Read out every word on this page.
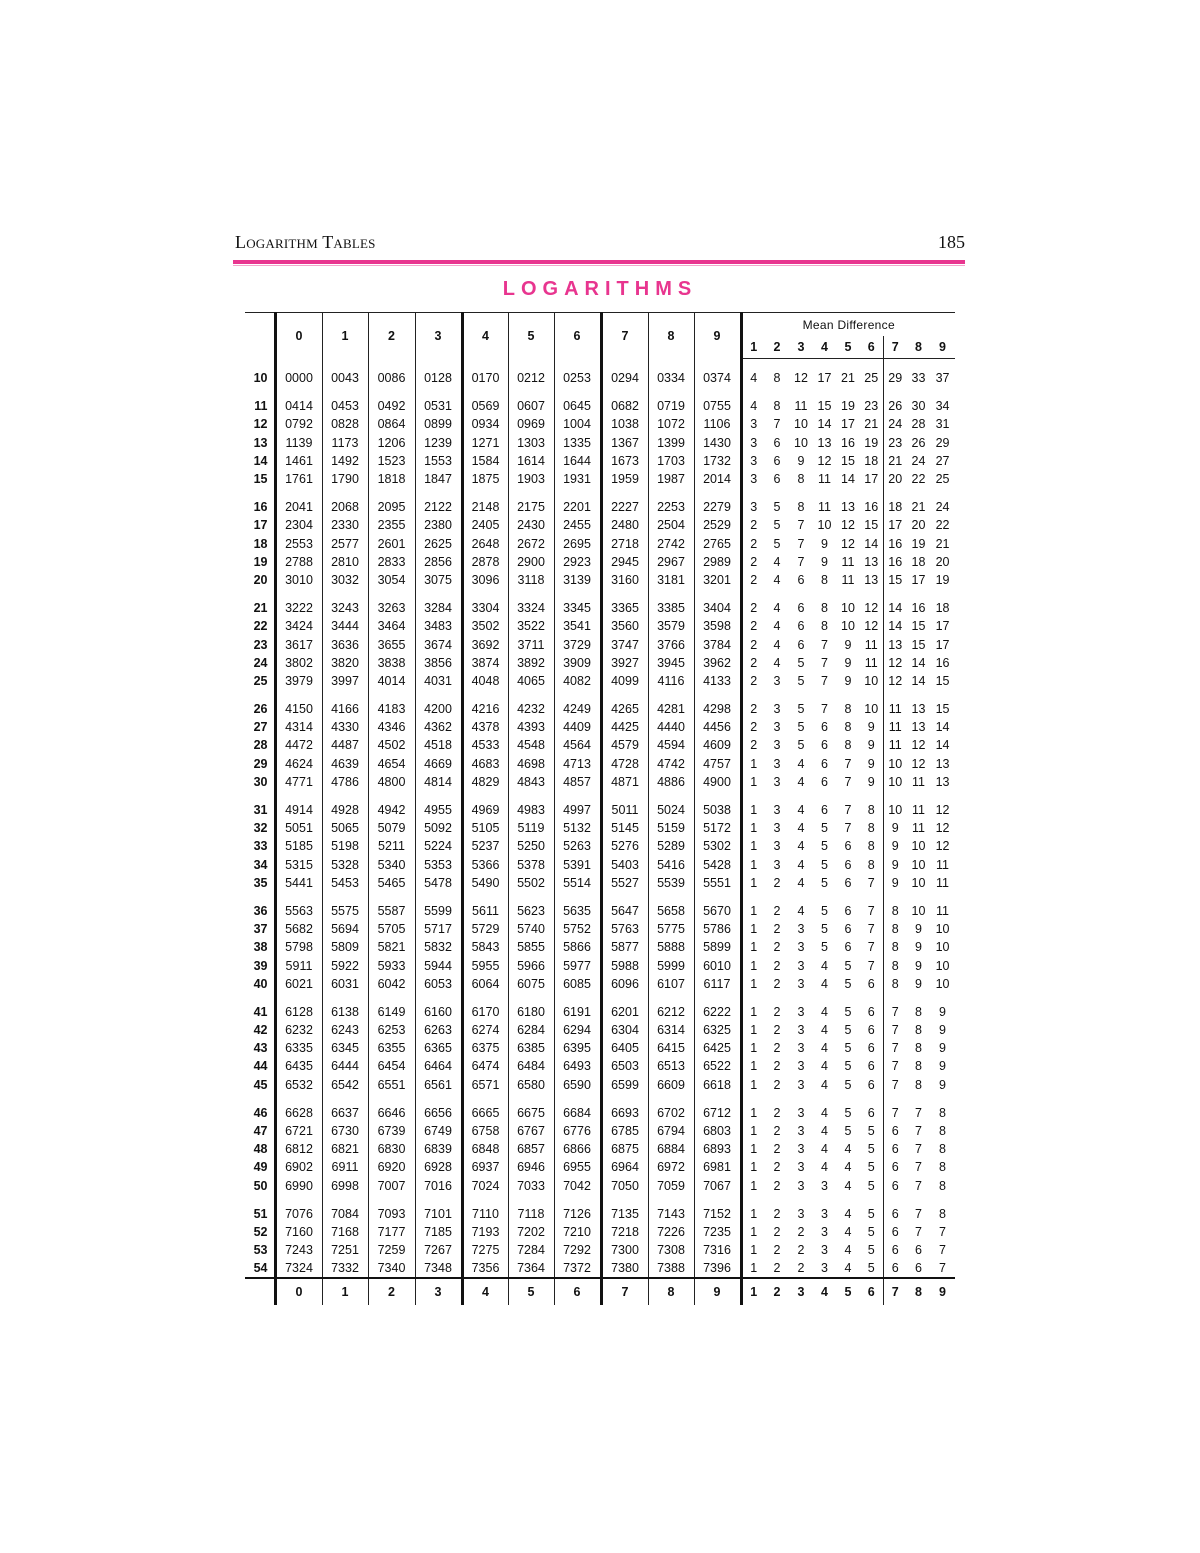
Logarithm Tables	185
LOGARITHMS
	0	1	2	3	4	5	6	7	8	9	Mean Difference								
											1	2	3	4	5	6	7	8	9

10	0000	0043	0086	0128	0170	0212	0253	0294	0334	0374	4	8	12	17	21	25	29	33	37

11	0414	0453	0492	0531	0569	0607	0645	0682	0719	0755	4	8	11	15	19	23	26	30	34
12	0792	0828	0864	0899	0934	0969	1004	1038	1072	1106	3	7	10	14	17	21	24	28	31
13	1139	1173	1206	1239	1271	1303	1335	1367	1399	1430	3	6	10	13	16	19	23	26	29
14	1461	1492	1523	1553	1584	1614	1644	1673	1703	1732	3	6	9	12	15	18	21	24	27
15	1761	1790	1818	1847	1875	1903	1931	1959	1987	2014	3	6	8	11	14	17	20	22	25

16	2041	2068	2095	2122	2148	2175	2201	2227	2253	2279	3	5	8	11	13	16	18	21	24
17	2304	2330	2355	2380	2405	2430	2455	2480	2504	2529	2	5	7	10	12	15	17	20	22
18	2553	2577	2601	2625	2648	2672	2695	2718	2742	2765	2	5	7	9	12	14	16	19	21
19	2788	2810	2833	2856	2878	2900	2923	2945	2967	2989	2	4	7	9	11	13	16	18	20
20	3010	3032	3054	3075	3096	3118	3139	3160	3181	3201	2	4	6	8	11	13	15	17	19

21	3222	3243	3263	3284	3304	3324	3345	3365	3385	3404	2	4	6	8	10	12	14	16	18
22	3424	3444	3464	3483	3502	3522	3541	3560	3579	3598	2	4	6	8	10	12	14	15	17
23	3617	3636	3655	3674	3692	3711	3729	3747	3766	3784	2	4	6	7	9	11	13	15	17
24	3802	3820	3838	3856	3874	3892	3909	3927	3945	3962	2	4	5	7	9	11	12	14	16
25	3979	3997	4014	4031	4048	4065	4082	4099	4116	4133	2	3	5	7	9	10	12	14	15

26	4150	4166	4183	4200	4216	4232	4249	4265	4281	4298	2	3	5	7	8	10	11	13	15
27	4314	4330	4346	4362	4378	4393	4409	4425	4440	4456	2	3	5	6	8	9	11	13	14
28	4472	4487	4502	4518	4533	4548	4564	4579	4594	4609	2	3	5	6	8	9	11	12	14
29	4624	4639	4654	4669	4683	4698	4713	4728	4742	4757	1	3	4	6	7	9	10	12	13
30	4771	4786	4800	4814	4829	4843	4857	4871	4886	4900	1	3	4	6	7	9	10	11	13

31	4914	4928	4942	4955	4969	4983	4997	5011	5024	5038	1	3	4	6	7	8	10	11	12
32	5051	5065	5079	5092	5105	5119	5132	5145	5159	5172	1	3	4	5	7	8	9	11	12
33	5185	5198	5211	5224	5237	5250	5263	5276	5289	5302	1	3	4	5	6	8	9	10	12
34	5315	5328	5340	5353	5366	5378	5391	5403	5416	5428	1	3	4	5	6	8	9	10	11
35	5441	5453	5465	5478	5490	5502	5514	5527	5539	5551	1	2	4	5	6	7	9	10	11

36	5563	5575	5587	5599	5611	5623	5635	5647	5658	5670	1	2	4	5	6	7	8	10	11
37	5682	5694	5705	5717	5729	5740	5752	5763	5775	5786	1	2	3	5	6	7	8	9	10
38	5798	5809	5821	5832	5843	5855	5866	5877	5888	5899	1	2	3	5	6	7	8	9	10
39	5911	5922	5933	5944	5955	5966	5977	5988	5999	6010	1	2	3	4	5	7	8	9	10
40	6021	6031	6042	6053	6064	6075	6085	6096	6107	6117	1	2	3	4	5	6	8	9	10

41	6128	6138	6149	6160	6170	6180	6191	6201	6212	6222	1	2	3	4	5	6	7	8	9
42	6232	6243	6253	6263	6274	6284	6294	6304	6314	6325	1	2	3	4	5	6	7	8	9
43	6335	6345	6355	6365	6375	6385	6395	6405	6415	6425	1	2	3	4	5	6	7	8	9
44	6435	6444	6454	6464	6474	6484	6493	6503	6513	6522	1	2	3	4	5	6	7	8	9
45	6532	6542	6551	6561	6571	6580	6590	6599	6609	6618	1	2	3	4	5	6	7	8	9

46	6628	6637	6646	6656	6665	6675	6684	6693	6702	6712	1	2	3	4	5	6	7	7	8
47	6721	6730	6739	6749	6758	6767	6776	6785	6794	6803	1	2	3	4	5	5	6	7	8
48	6812	6821	6830	6839	6848	6857	6866	6875	6884	6893	1	2	3	4	4	5	6	7	8
49	6902	6911	6920	6928	6937	6946	6955	6964	6972	6981	1	2	3	4	4	5	6	7	8
50	6990	6998	7007	7016	7024	7033	7042	7050	7059	7067	1	2	3	3	4	5	6	7	8

51	7076	7084	7093	7101	7110	7118	7126	7135	7143	7152	1	2	3	3	4	5	6	7	8
52	7160	7168	7177	7185	7193	7202	7210	7218	7226	7235	1	2	2	3	4	5	6	7	7
53	7243	7251	7259	7267	7275	7284	7292	7300	7308	7316	1	2	2	3	4	5	6	6	7
54	7324	7332	7340	7348	7356	7364	7372	7380	7388	7396	1	2	2	3	4	5	6	6	7
	0	1	2	3	4	5	6	7	8	9	1	2	3	4	5	6	7	8	9
